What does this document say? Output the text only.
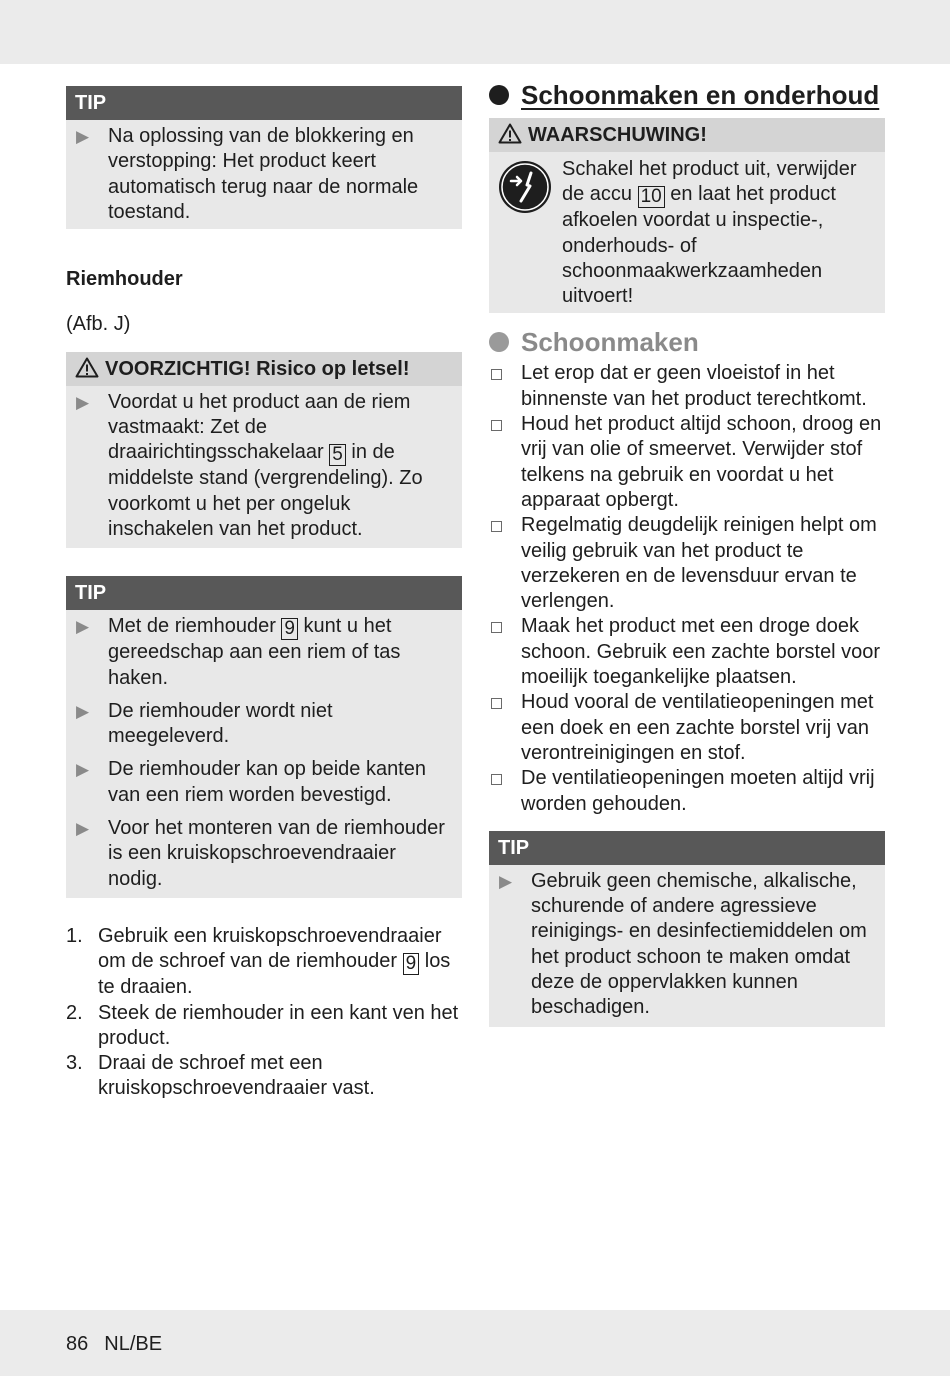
TIP
▶ Na oplossing van de blokkering en verstopping: Het product keert automatisch terug naar de normale toestand.
Riemhouder
(Afb. J)
VOORZICHTIG! Risico op letsel!
▶ Voordat u het product aan de riem vastmaakt: Zet de draairichtingsschakelaar 5 in de middelste stand (vergrendeling). Zo voorkomt u het per ongeluk inschakelen van het product.
TIP
▶ Met de riemhouder 9 kunt u het gereedschap aan een riem of tas haken.
▶ De riemhouder wordt niet meegeleverd.
▶ De riemhouder kan op beide kanten van een riem worden bevestigd.
▶ Voor het monteren van de riemhouder is een kruiskopschroevendraaier nodig.
1. Gebruik een kruiskopschroevendraaier om de schroef van de riemhouder 9 los te draaien.
2. Steek de riemhouder in een kant ven het product.
3. Draai de schroef met een kruiskopschroevendraaier vast.
Schoonmaken en onderhoud
WAARSCHUWING!
Schakel het product uit, verwijder de accu 10 en laat het product afkoelen voordat u inspectie-, onderhouds- of schoonmaakwerkzaamheden uitvoert!
Schoonmaken
Let erop dat er geen vloeistof in het binnenste van het product terechtkomt.
Houd het product altijd schoon, droog en vrij van olie of smeervet. Verwijder stof telkens na gebruik en voordat u het apparaat opbergt.
Regelmatig deugdelijk reinigen helpt om veilig gebruik van het product te verzekeren en de levensduur ervan te verlengen.
Maak het product met een droge doek schoon. Gebruik een zachte borstel voor moeilijk toegankelijke plaatsen.
Houd vooral de ventilatieopeningen met een doek en een zachte borstel vrij van verontreinigingen en stof.
De ventilatieopeningen moeten altijd vrij worden gehouden.
TIP
▶ Gebruik geen chemische, alkalische, schurende of andere agressieve reinigings- en desinfectiemiddelen om het product schoon te maken omdat deze de oppervlakken kunnen beschadigen.
86 NL/BE
